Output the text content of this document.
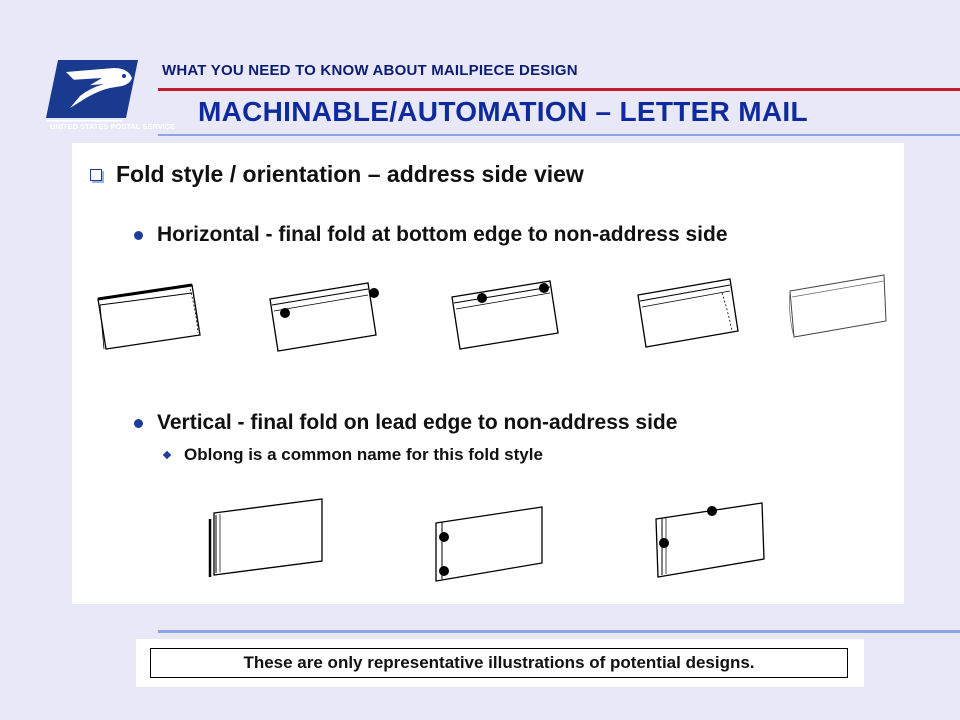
UNITED STATES POSTAL SERVICE
WHAT YOU NEED TO KNOW ABOUT MAILPIECE DESIGN
MACHINABLE/AUTOMATION – LETTER MAIL
Fold style / orientation – address side view
Horizontal - final fold at bottom edge to non-address side
Vertical - final fold on lead edge to non-address side
Oblong is a common name for this fold style
These are only representative illustrations of potential designs.
